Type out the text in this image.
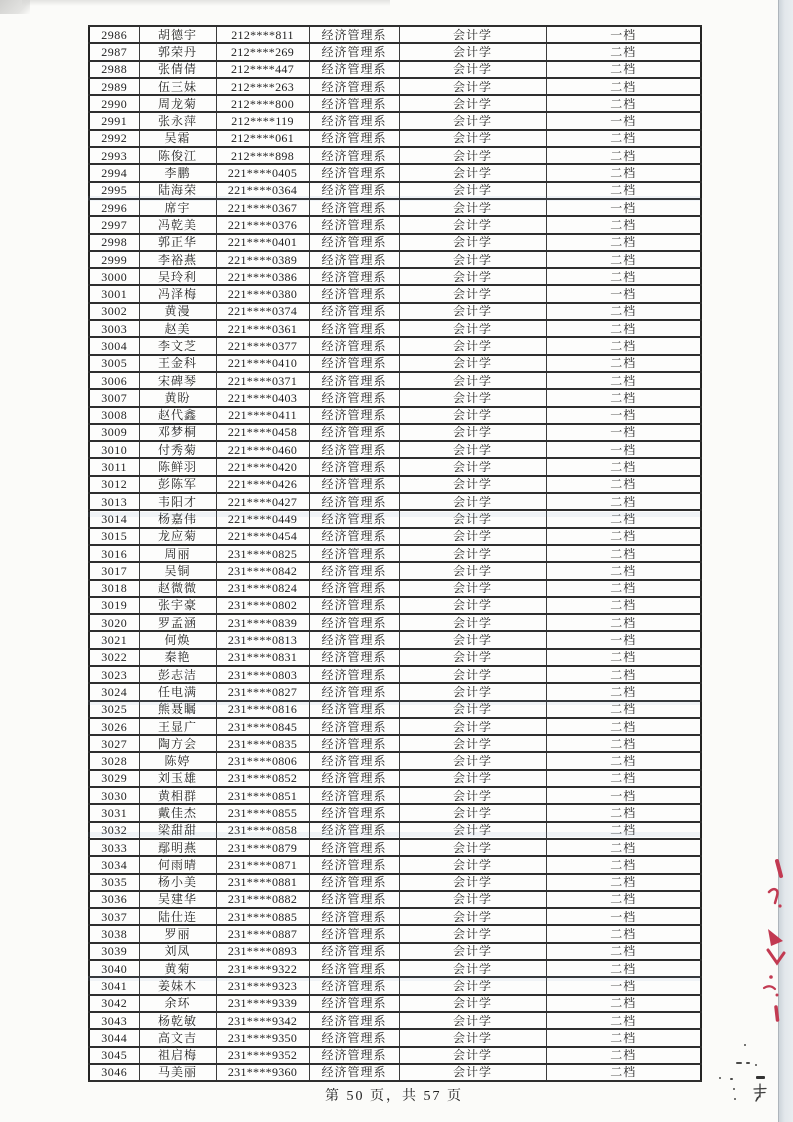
2986	胡德宇	212****811	经济管理系	会计学	一档
2987	郭荣丹	212****269	经济管理系	会计学	二档
2988	张倩倩	212****447	经济管理系	会计学	二档
2989	伍三妹	212****263	经济管理系	会计学	二档
2990	周龙菊	212****800	经济管理系	会计学	二档
2991	张永萍	212****119	经济管理系	会计学	一档
2992	吴霜	212****061	经济管理系	会计学	二档
2993	陈俊江	212****898	经济管理系	会计学	二档
2994	李鹏	221****0405	经济管理系	会计学	二档
2995	陆海荣	221****0364	经济管理系	会计学	二档
2996	席宇	221****0367	经济管理系	会计学	一档
2997	冯乾美	221****0376	经济管理系	会计学	二档
2998	郭正华	221****0401	经济管理系	会计学	二档
2999	李裕燕	221****0389	经济管理系	会计学	二档
3000	吴玲利	221****0386	经济管理系	会计学	二档
3001	冯泽梅	221****0380	经济管理系	会计学	一档
3002	黄漫	221****0374	经济管理系	会计学	二档
3003	赵美	221****0361	经济管理系	会计学	二档
3004	李文芝	221****0377	经济管理系	会计学	二档
3005	王金科	221****0410	经济管理系	会计学	二档
3006	宋碑琴	221****0371	经济管理系	会计学	二档
3007	黄盼	221****0403	经济管理系	会计学	二档
3008	赵代鑫	221****0411	经济管理系	会计学	一档
3009	邓梦桐	221****0458	经济管理系	会计学	一档
3010	付秀菊	221****0460	经济管理系	会计学	一档
3011	陈鲜羽	221****0420	经济管理系	会计学	二档
3012	彭陈军	221****0426	经济管理系	会计学	二档
3013	韦阳才	221****0427	经济管理系	会计学	二档
3014	杨嘉伟	221****0449	经济管理系	会计学	二档
3015	龙应菊	221****0454	经济管理系	会计学	二档
3016	周丽	231****0825	经济管理系	会计学	二档
3017	吴铜	231****0842	经济管理系	会计学	二档
3018	赵微微	231****0824	经济管理系	会计学	二档
3019	张宇豪	231****0802	经济管理系	会计学	二档
3020	罗孟涵	231****0839	经济管理系	会计学	二档
3021	何焕	231****0813	经济管理系	会计学	一档
3022	秦艳	231****0831	经济管理系	会计学	二档
3023	彭志洁	231****0803	经济管理系	会计学	二档
3024	任电满	231****0827	经济管理系	会计学	二档
3025	熊聂瞩	231****0816	经济管理系	会计学	二档
3026	王显广	231****0845	经济管理系	会计学	二档
3027	陶方会	231****0835	经济管理系	会计学	二档
3028	陈婷	231****0806	经济管理系	会计学	二档
3029	刘玉雄	231****0852	经济管理系	会计学	二档
3030	黄相群	231****0851	经济管理系	会计学	一档
3031	戴佳杰	231****0855	经济管理系	会计学	二档
3032	梁甜甜	231****0858	经济管理系	会计学	二档
3033	鄢明燕	231****0879	经济管理系	会计学	二档
3034	何雨晴	231****0871	经济管理系	会计学	二档
3035	杨小美	231****0881	经济管理系	会计学	二档
3036	吴建华	231****0882	经济管理系	会计学	二档
3037	陆仕连	231****0885	经济管理系	会计学	一档
3038	罗丽	231****0887	经济管理系	会计学	二档
3039	刘凤	231****0893	经济管理系	会计学	二档
3040	黄菊	231****9322	经济管理系	会计学	二档
3041	姜妹木	231****9323	经济管理系	会计学	一档
3042	余环	231****9339	经济管理系	会计学	二档
3043	杨乾敏	231****9342	经济管理系	会计学	二档
3044	高文吉	231****9350	经济管理系	会计学	二档
3045	祖启梅	231****9352	经济管理系	会计学	二档
3046	马美丽	231****9360	经济管理系	会计学	二档
第 50 页，共 57 页
